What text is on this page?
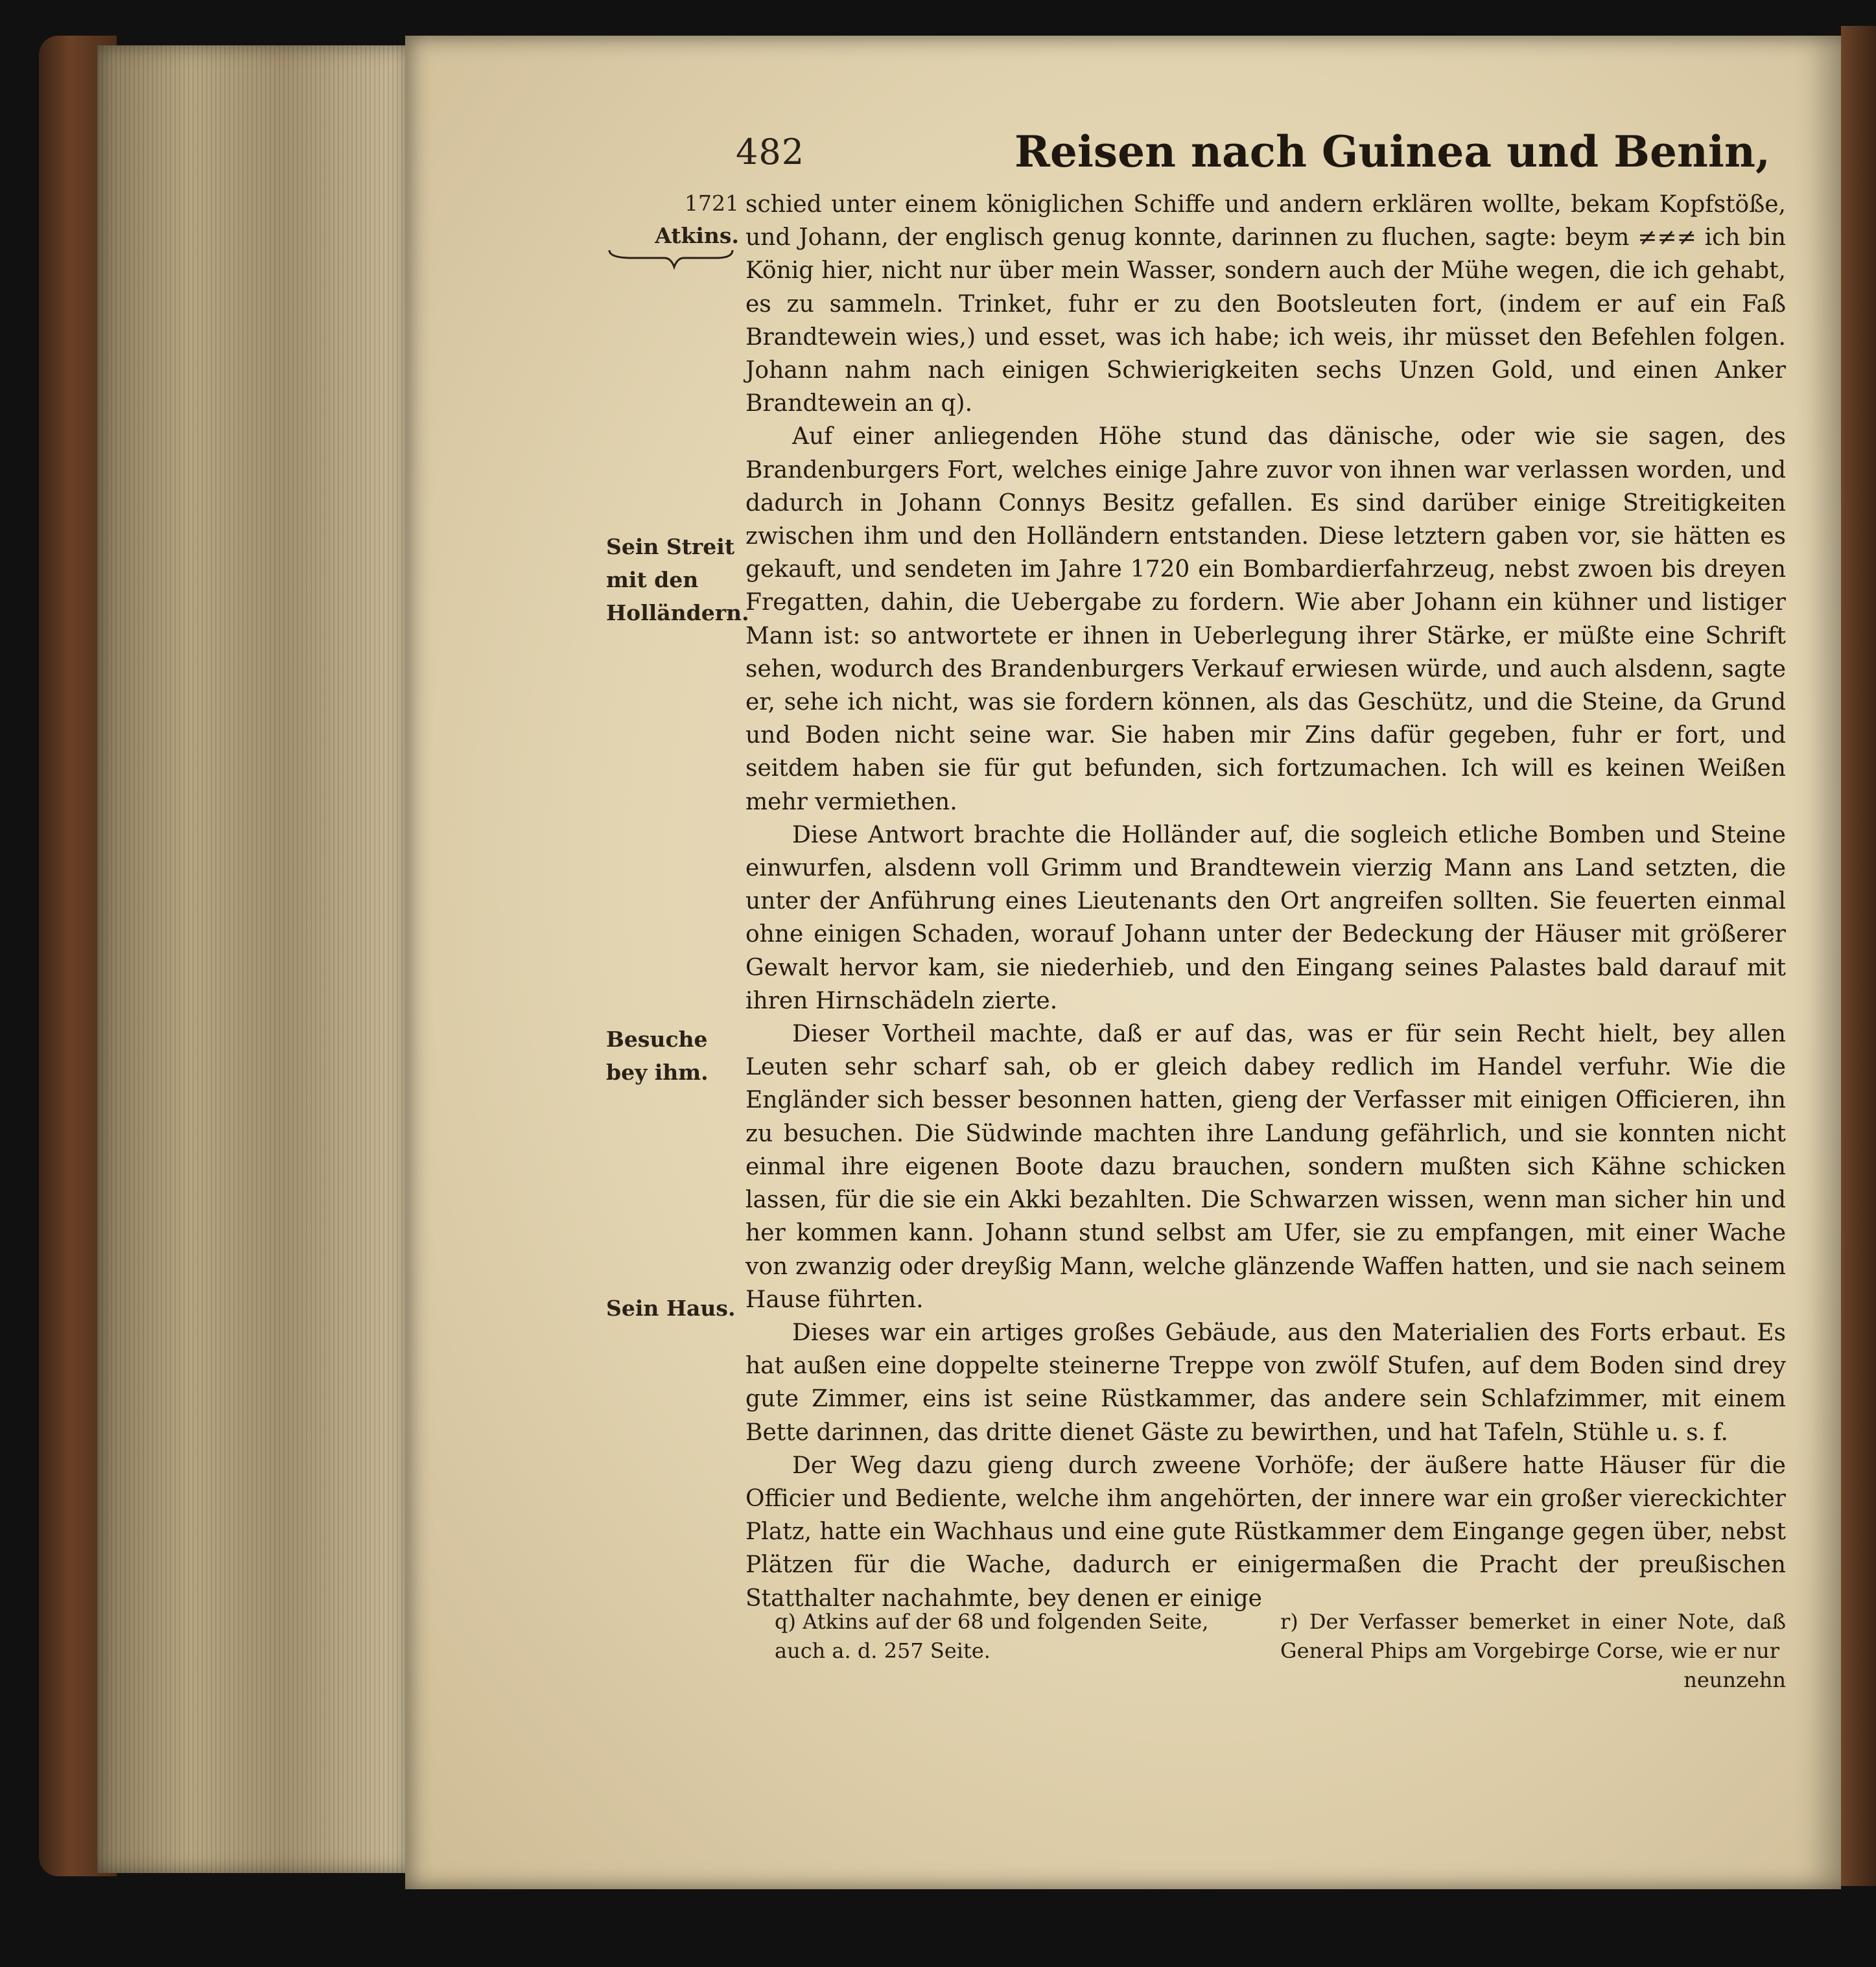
482	Reisen nach Guinea und Benin,
1721
Atkins.
Sein Streit mit den Holländern.
Besuche bey ihm.
Sein Haus.

schied unter einem königlichen Schiffe und andern erklären wollte, bekam Kopfstöße, und Johann, der englisch genug konnte, darinnen zu fluchen, sagte: beym ≠≠≠ ich bin König hier, nicht nur über mein Wasser, sondern auch der Mühe wegen, die ich gehabt, es zu sammeln. Trinket, fuhr er zu den Bootsleuten fort, (indem er auf ein Faß Brandtewein wies,) und esset, was ich habe; ich weis, ihr müsset den Befehlen folgen. Johann nahm nach einigen Schwierigkeiten sechs Unzen Gold, und einen Anker Brandtewein an q).

Auf einer anliegenden Höhe stund das dänische, oder wie sie sagen, des Brandenburgers Fort, welches einige Jahre zuvor von ihnen war verlassen worden, und dadurch in Johann Connys Besitz gefallen. Es sind darüber einige Streitigkeiten zwischen ihm und den Holländern entstanden. Diese letztern gaben vor, sie hätten es gekauft, und sendeten im Jahre 1720 ein Bombardierfahrzeug, nebst zwoen bis dreyen Fregatten, dahin, die Uebergabe zu fordern. Wie aber Johann ein kühner und listiger Mann ist: so antwortete er ihnen in Ueberlegung ihrer Stärke, er müßte eine Schrift sehen, wodurch des Brandenburgers Verkauf erwiesen würde, und auch alsdenn, sagte er, sehe ich nicht, was sie fordern können, als das Geschütz, und die Steine, da Grund und Boden nicht seine war. Sie haben mir Zins dafür gegeben, fuhr er fort, und seitdem haben sie für gut befunden, sich fortzumachen. Ich will es keinen Weißen mehr vermiethen.

Diese Antwort brachte die Holländer auf, die sogleich etliche Bomben und Steine einwurfen, alsdenn voll Grimm und Brandtewein vierzig Mann ans Land setzten, die unter der Anführung eines Lieutenants den Ort angreifen sollten. Sie feuerten einmal ohne einigen Schaden, worauf Johann unter der Bedeckung der Häuser mit größerer Gewalt hervor kam, sie niederhieb, und den Eingang seines Palastes bald darauf mit ihren Hirnschädeln zierte.

Dieser Vortheil machte, daß er auf das, was er für sein Recht hielt, bey allen Leuten sehr scharf sah, ob er gleich dabey redlich im Handel verfuhr. Wie die Engländer sich besser besonnen hatten, gieng der Verfasser mit einigen Officieren, ihn zu besuchen. Die Südwinde machten ihre Landung gefährlich, und sie konnten nicht einmal ihre eigenen Boote dazu brauchen, sondern mußten sich Kähne schicken lassen, für die sie ein Akki bezahlten. Die Schwarzen wissen, wenn man sicher hin und her kommen kann. Johann stund selbst am Ufer, sie zu empfangen, mit einer Wache von zwanzig oder dreyßig Mann, welche glänzende Waffen hatten, und sie nach seinem Hause führten.

Dieses war ein artiges großes Gebäude, aus den Materialien des Forts erbaut. Es hat außen eine doppelte steinerne Treppe von zwölf Stufen, auf dem Boden sind drey gute Zimmer, eins ist seine Rüstkammer, das andere sein Schlafzimmer, mit einem Bette darinnen, das dritte dienet Gäste zu bewirthen, und hat Tafeln, Stühle u. s. f.

Der Weg dazu gieng durch zweene Vorhöfe; der äußere hatte Häuser für die Officier und Bediente, welche ihm angehörten, der innere war ein großer viereckichter Platz, hatte ein Wachhaus und eine gute Rüstkammer dem Eingange gegen über, nebst Plätzen für die Wache, dadurch er einigermaßen die Pracht der preußischen Statthalter nachahmte, bey denen er einige

q) Atkins auf der 68 und folgenden Seite, auch a. d. 257 Seite.
r) Der Verfasser bemerket in einer Note, daß General Phips am Vorgebirge Corse, wie er nur
neunzehn
